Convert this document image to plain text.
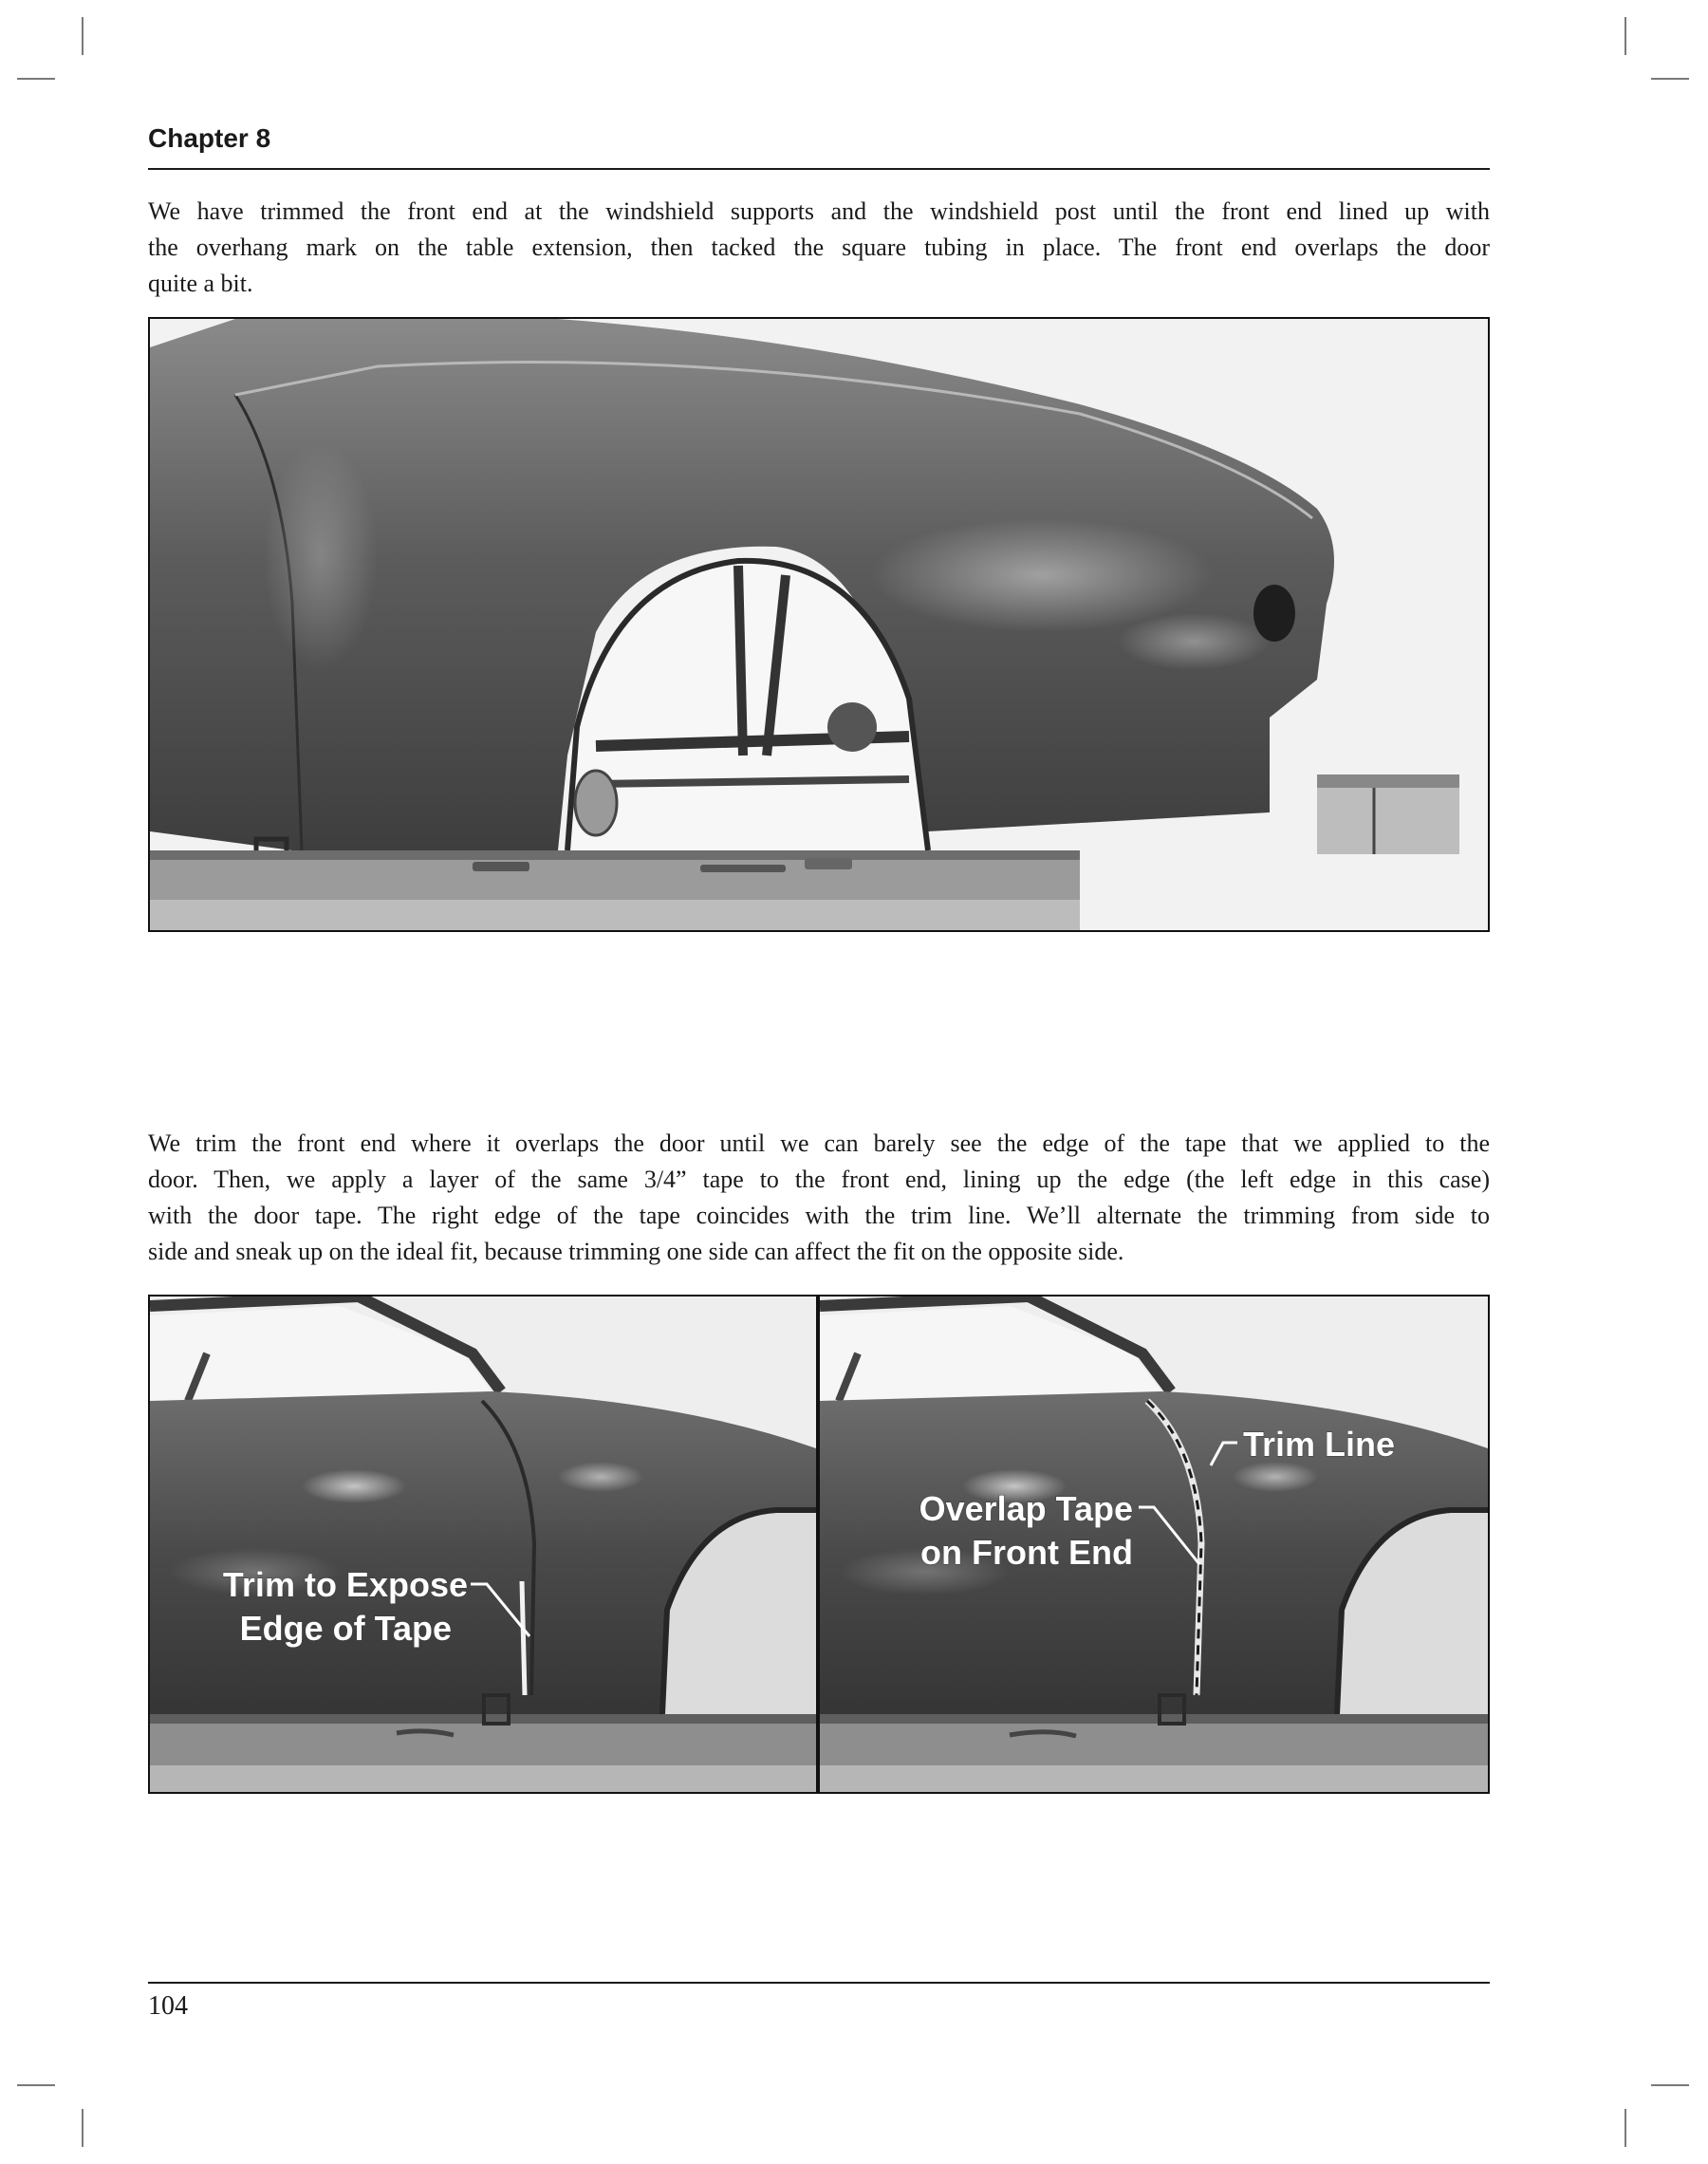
Chapter 8

We have trimmed the front end at the windshield supports and the windshield post until the front end lined up with
the overhang mark on the table extension, then tacked the square tubing in place. The front end overlaps the door
quite a bit.

We trim the front end where it overlaps the door until we can barely see the edge of the tape that we applied to the
door. Then, we apply a layer of the same 3/4” tape to the front end, lining up the edge (the left edge in this case)
with the door tape. The right edge of the tape coincides with the trim line. We’ll alternate the trimming from side to
side and sneak up on the ideal fit, because trimming one side can affect the fit on the opposite side.

Trim to Expose
Edge of Tape
Trim Line
Overlap Tape
on Front End
104
